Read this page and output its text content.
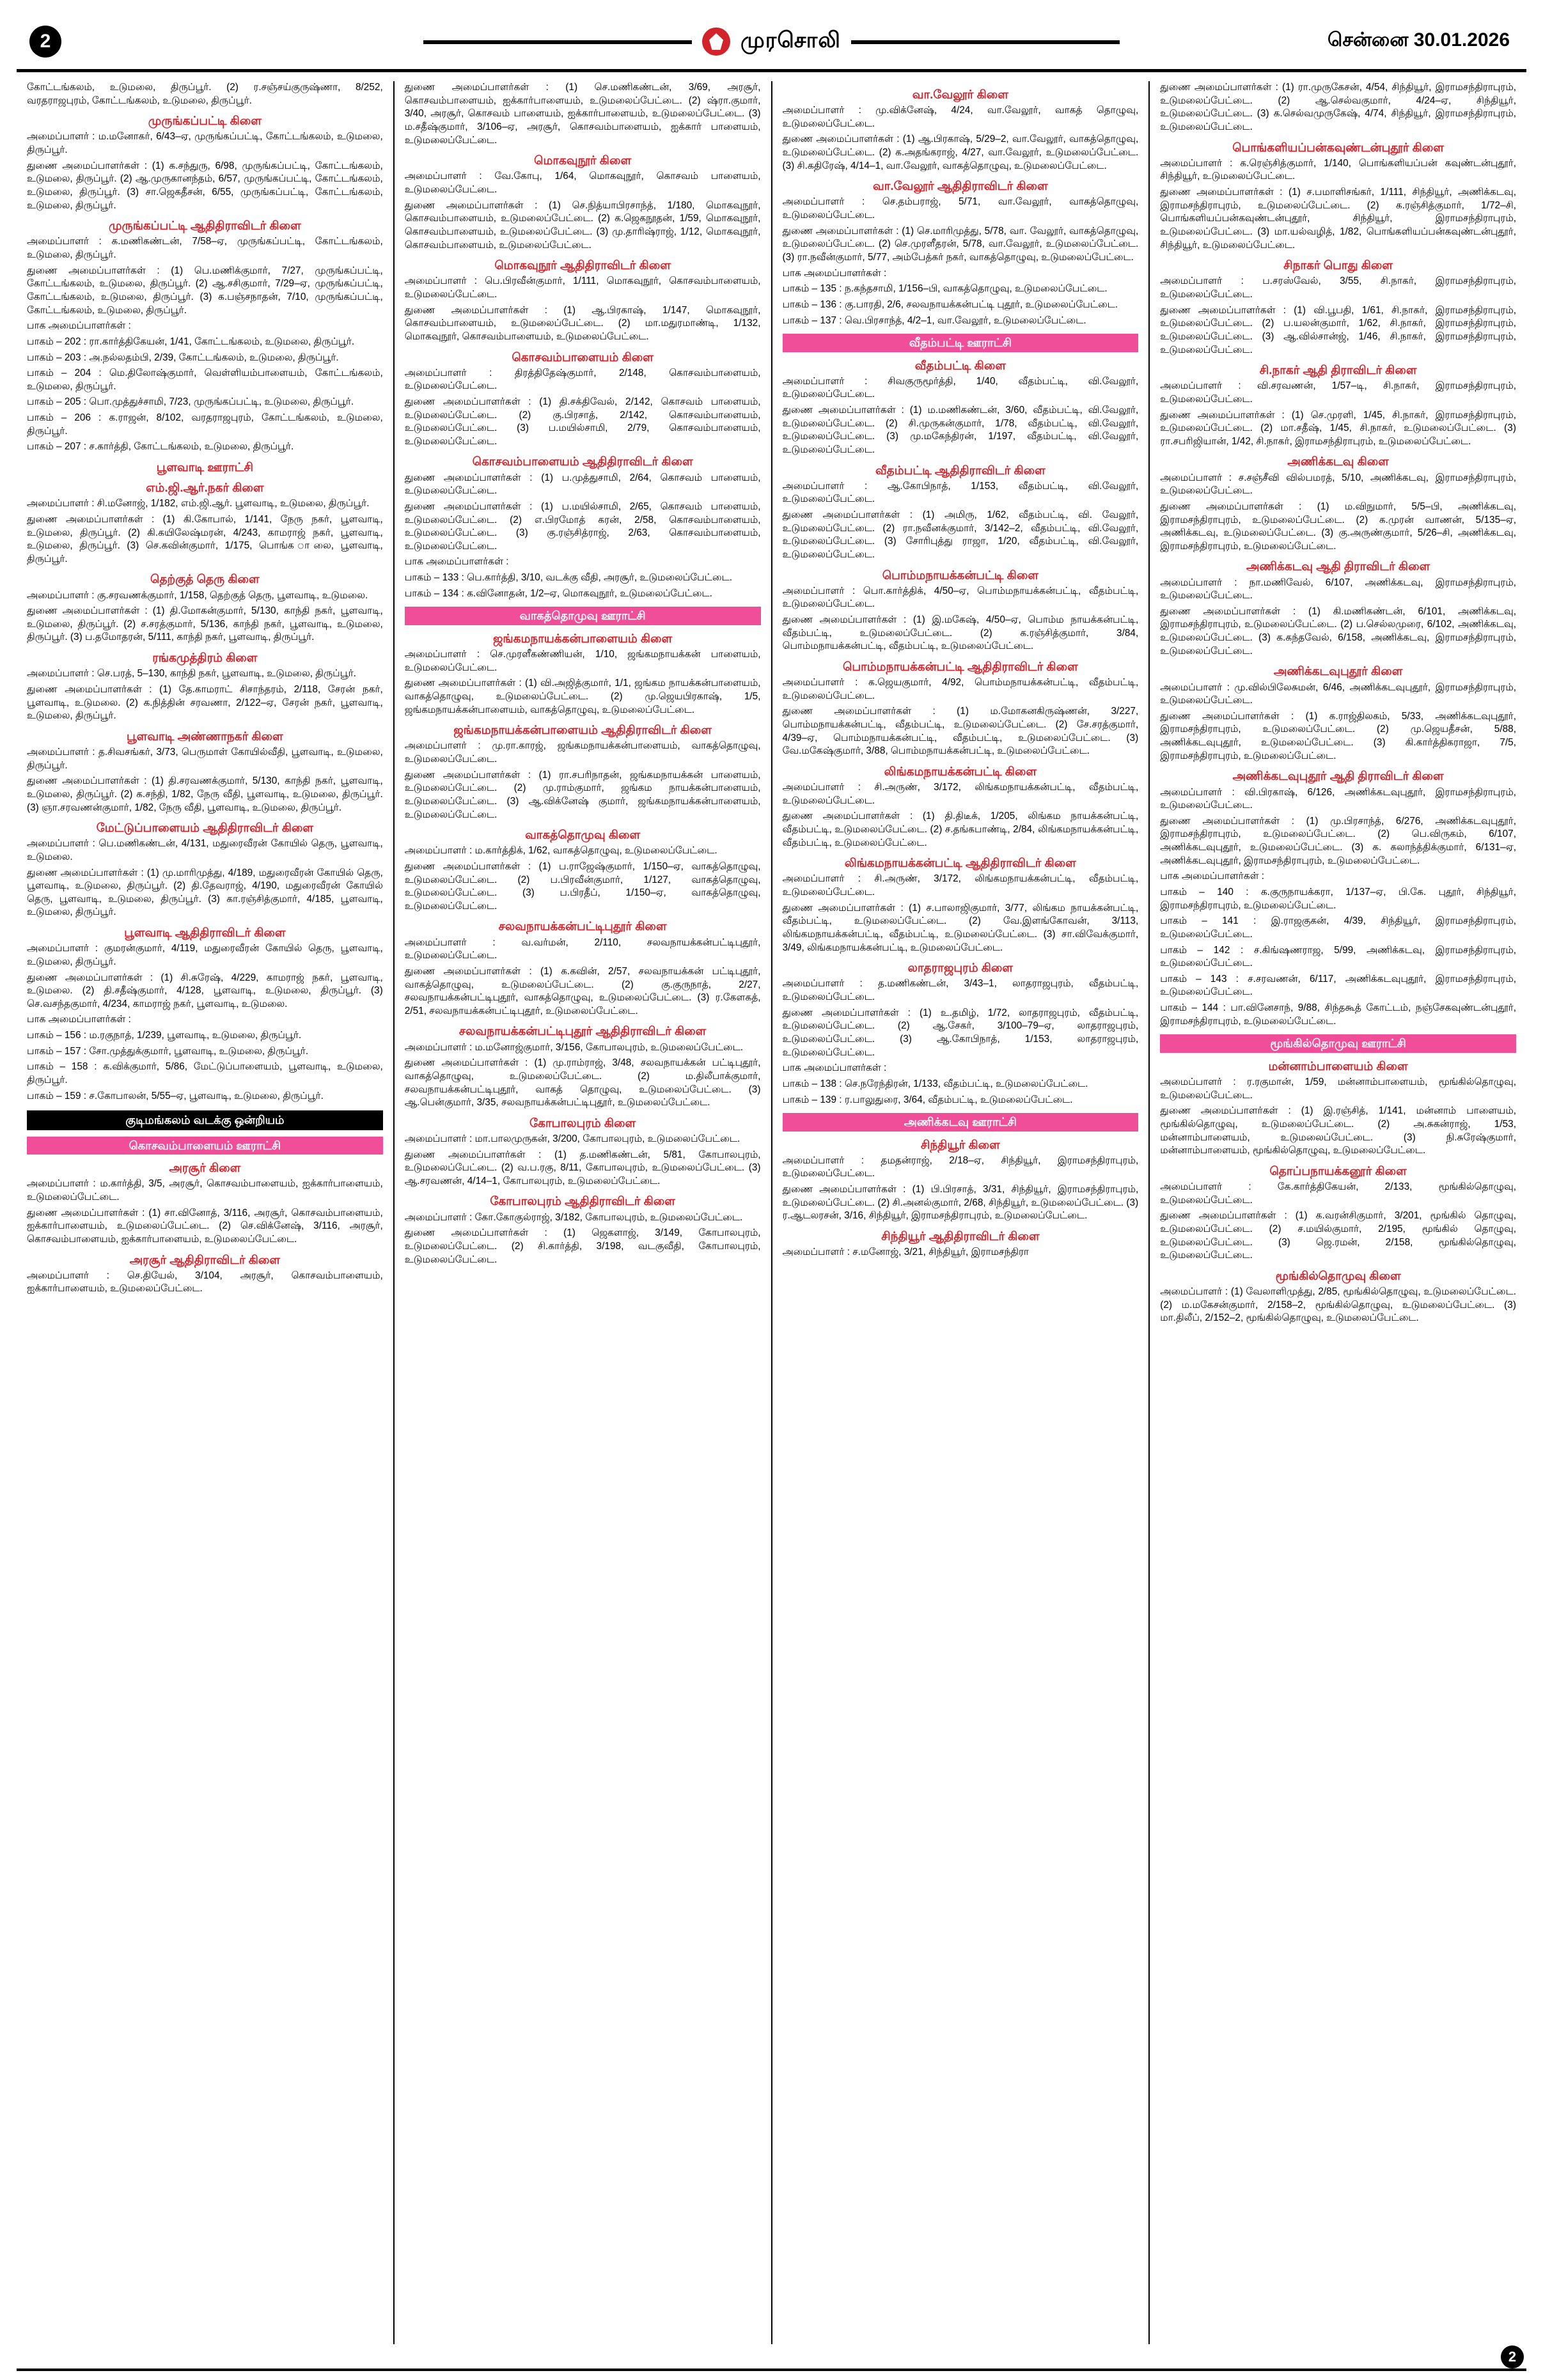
2	முரசொலி	சென்னை 30.01.2026

கோட்டங்கலம், உடுமலை, திருப்பூர். (2) ர.சஞ்சய்குருஷ்ணா, 8/252, வரதராஜபுரம், கோட்டங்கலம், உடுமலை, திருப்பூர்.

முருங்கப்பட்டி கிளை

அமைப்பாளர் : ம.மனோகர், 6/43–ஏ, முருங்கப்பட்டி, கோட்டங்கலம், உடுமலை, திருப்பூர்.

துணை அமைப்பாளர்கள் : (1) க.சந்துரு, 6/98, முருங்கப்பட்டி, கோட்டங்கலம், உடுமலை, திருப்பூர். (2) ஆ.முருகானந்தம், 6/57, முருங்கப்பட்டி, கோட்டங்கலம், உடுமலை, திருப்பூர். (3) சா.ஜெகதீசன், 6/55, முருங்கப்பட்டி, கோட்டங்கலம், உடுமலை, திருப்பூர்.

முருங்கப்பட்டி ஆதிதிராவிடர் கிளை

அமைப்பாளர் : க.மணிகண்டன், 7/58–ஏ, முருங்கப்பட்டி, கோட்டங்கலம், உடுமலை, திருப்பூர்.

துணை அமைப்பாளர்கள் : (1) பெ.மணிக்குமார், 7/27, முருங்கப்பட்டி, கோட்டங்கலம், உடுமலை, திருப்பூர். (2) ஆ.சசிகுமார், 7/29–ஏ, முருங்கப்பட்டி, கோட்டங்கலம், உடுமலை, திருப்பூர். (3) க.பஞ்சநாதன், 7/10, முருங்கப்பட்டி, கோட்டங்கலம், உடுமலை, திருப்பூர்.

பாக அமைப்பாளர்கள் :

பாகம் – 202 : ரா.கார்த்திகேயன், 1/41, கோட்டங்கலம், உடுமலை, திருப்பூர்.

பாகம் – 203 : அ.நல்லதம்பி, 2/39, கோட்டங்கலம், உடுமலை, திருப்பூர்.

பாகம் – 204 : மெ.திலோஷ்குமார், வெள்ளியம்பாளையம், கோட்டங்கலம், உடுமலை, திருப்பூர்.

பாகம் – 205 : பொ.முத்துச்சாமி, 7/23, முருங்கப்பட்டி, உடுமலை, திருப்பூர்.

பாகம் – 206 : க.ராஜன், 8/102, வரதராஜபுரம், கோட்டங்கலம், உடுமலை, திருப்பூர்.

பாகம் – 207 : ச.கார்த்தி, கோட்டங்கலம், உடுமலை, திருப்பூர்.

பூளவாடி ஊராட்சி
எம்.ஜி.ஆர்.நகர் கிளை

அமைப்பாளர் : சி.மனோஜ், 1/182, எம்.ஜி.ஆர். பூளவாடி, உடுமலை, திருப்பூர்.

துணை அமைப்பாளர்கள் : (1) கி.கோபால், 1/141, நேரு நகர், பூளவாடி, உடுமலை, திருப்பூர். (2) கி.கயிலேஷ்மரன், 4/243, காமராஜ் நகர், பூளவாடி, உடுமலை, திருப்பூர். (3) செ.கவின்குமார், 1/175, பொங்க ாலை, பூளவாடி, திருப்பூர்.

தெற்குத் தெரு கிளை

அமைப்பாளர் : கு.சரவணக்குமார், 1/158, தெற்குத் தெரு, பூளவாடி, உடுமலை.

துணை அமைப்பாளர்கள் : (1) தி.மோகன்குமார், 5/130, காந்தி நகர், பூளவாடி, உடுமலை, திருப்பூர். (2) ச.சரத்குமார், 5/136, காந்தி நகர், பூளவாடி, உடுமலை, திருப்பூர். (3) ப.தமோதரன், 5/111, காந்தி நகர், பூளவாடி, திருப்பூர்.

ரங்கமுத்திரம் கிளை

அமைப்பாளர் : செ.பரத், 5–130, காந்தி நகர், பூளவாடி, உடுமலை, திருப்பூர்.

துணை அமைப்பாளர்கள் : (1) தே.காமராட் சிசாந்தரம், 2/118, சேரன் நகர், பூளவாடி, உடுமலை. (2) க.நித்தின் சரவணா, 2/122–ஏ, சேரன் நகர், பூளவாடி, உடுமலை, திருப்பூர்.

பூளவாடி அண்ணாநகர் கிளை

அமைப்பாளர் : த.சிவசங்கர், 3/73, பெருமாள் கோயில்வீதி, பூளவாடி, உடுமலை, திருப்பூர்.

துணை அமைப்பாளர்கள் : (1) தி.சரவணக்குமார், 5/130, காந்தி நகர், பூளவாடி, உடுமலை, திருப்பூர். (2) க.சந்தி, 1/82, நேரு வீதி, பூளவாடி, உடுமலை, திருப்பூர். (3) ஞா.சரவணன்குமார், 1/82, நேரு வீதி, பூளவாடி, உடுமலை, திருப்பூர்.

மேட்டுப்பாளையம் ஆதிதிராவிடர் கிளை

அமைப்பாளர் : பெ.மணிகண்டன், 4/131, மதுரைவீரன் கோயில் தெரு, பூளவாடி, உடுமலை.

துணை அமைப்பாளர்கள் : (1) மு.மாரிமுத்து, 4/189, மதுரைவீரன் கோயில் தெரு, பூளவாடி, உடுமலை, திருப்பூர். (2) தி.தேவராஜ், 4/190, மதுரைவீரன் கோயில் தெரு, பூளவாடி, உடுமலை, திருப்பூர். (3) கா.ரஞ்சித்குமார், 4/185, பூளவாடி, உடுமலை, திருப்பூர்.

பூளவாடி ஆதிதிராவிடர் கிளை

அமைப்பாளர் : குமரன்குமார், 4/119, மதுரைவீரன் கோயில் தெரு, பூளவாடி, உடுமலை, திருப்பூர்.

துணை அமைப்பாளர்கள் : (1) சி.சுரேஷ், 4/229, காமராஜ் நகர், பூளவாடி, உடுமலை. (2) தி.சதீஷ்குமார், 4/128, பூளவாடி, உடுமலை, திருப்பூர். (3) செ.வசந்தகுமார், 4/234, காமராஜ் நகர், பூளவாடி, உடுமலை.

பாக அமைப்பாளர்கள் :

பாகம் – 156 : ம.ரகுநாத், 1/239, பூளவாடி, உடுமலை, திருப்பூர்.

பாகம் – 157 : சோ.முத்துக்குமார், பூளவாடி, உடுமலை, திருப்பூர்.

பாகம் – 158 : க.விக்குமார், 5/86, மேட்டுப்பாளையம், பூளவாடி, உடுமலை, திருப்பூர்.

பாகம் – 159 : ச.கோபாலன், 5/55–ஏ, பூளவாடி, உடுமலை, திருப்பூர்.

குடிமங்கலம் வடக்கு ஒன்றியம்
கொசவம்பாளையம் ஊராட்சி
அரசூர் கிளை

அமைப்பாளர் : ம.கார்த்தி, 3/5, அரசூர், கொசவம்பாளையம், ஐக்கார்பாளையம், உடுமலைப்பேட்டை.

துணை அமைப்பாளர்கள் : (1) சா.வினோத், 3/116, அரசூர், கொசவம்பாளையம், ஐக்கார்பாளையம், உடுமலைப்பேட்டை. (2) செ.விக்னேஷ், 3/116, அரசூர், கொசவம்பாளையம், ஐக்கார்பாளையம், உடுமலைப்பேட்டை.

அரசூர் ஆதிதிராவிடர் கிளை

அமைப்பாளர் : செ.தியேல், 3/104, அரசூர், கொசவம்பாளையம், ஐக்கார்பாளையம், உடுமலைப்பேட்டை.

துணை அமைப்பாளர்கள் : (1) செ.மணிகண்டன், 3/69, அரசூர், கொசவம்பாளையம், ஐக்கார்பாளையம், உடுமலைப்பேட்டை. (2) ஷ்ரா.குமார், 3/40, அரசூர், கொசவம் பாளையம், ஐக்கார்பாளையம், உடுமலைப்பேட்டை. (3) ம.சதீஷ்குமார், 3/106–ஏ, அரசூர், கொசவம்பாளையம், ஐக்கார் பாளையம், உடுமலைப்பேட்டை.

மொகவுநூர் கிளை

அமைப்பாளர் : வே.கோபு, 1/64, மொகவுநூர், கொசவம் பாளையம், உடுமலைப்பேட்டை.

துணை அமைப்பாளர்கள் : (1) செ.நித்யாபிரசாந்த், 1/180, மொகவுநூர், கொசவம்பாளையம், உடுமலைப்பேட்டை. (2) க.ஜெகநூதன், 1/59, மொகவுநூர், கொசவம்பாளையம், உடுமலைப்பேட்டை. (3) மு.தாரிஷ்ராஜ், 1/12, மொகவுநூர், கொசவம்பாளையம், உடுமலைப்பேட்டை.

மொகவுநூர் ஆதிதிராவிடர் கிளை

அமைப்பாளர் : பெ.பிரவீன்குமார், 1/111, மொகவுநூர், கொசவம்பாளையம், உடுமலைப்பேட்டை.

துணை அமைப்பாளர்கள் : (1) ஆ.பிரகாஷ், 1/147, மொகவுநூர், கொசவம்பாளையம், உடுமலைப்பேட்டை. (2) மா.மதுரமாண்டி, 1/132, மொகவுநூர், கொசவம்பாளையம், உடுமலைப்பேட்டை.

கொசவம்பாளையம் கிளை

அமைப்பாளர் : திரத்திதேஷ்குமார், 2/148, கொசவம்பாளையம், உடுமலைப்பேட்டை.

துணை அமைப்பாளர்கள் : (1) தி.சக்திவேல், 2/142, கொசவம் பாளையம், உடுமலைப்பேட்டை. (2) கு.பிரசாத், 2/142, கொசவம்பாளையம், உடுமலைப்பேட்டை. (3) ப.மயில்சாமி, 2/79, கொசவம்பாளையம், உடுமலைப்பேட்டை.

கொசவம்பாளையம் ஆதிதிராவிடர் கிளை

துணை அமைப்பாளர்கள் : (1) ப.முத்துசாமி, 2/64, கொசவம் பாளையம், உடுமலைப்பேட்டை.

துணை அமைப்பாளர்கள் : (1) ப.மயில்சாமி, 2/65, கொசவம் பாளையம், உடுமலைப்பேட்டை. (2) எ.பிரமோத் கரன், 2/58, கொசவம்பாளையம், உடுமலைப்பேட்டை. (3) கு.ரஞ்சித்ராஜ், 2/63, கொசவம்பாளையம், உடுமலைப்பேட்டை.

பாக அமைப்பாளர்கள் :

பாகம் – 133 : பெ.கார்த்தி, 3/10, வடக்கு வீதி, அரசூர், உடுமலைப்பேட்டை.

பாகம் – 134 : க.வினோதன், 1/2–ஏ, மொகவுநூர், உடுமலைப்பேட்டை.

வாகத்தொமுவு ஊராட்சி
ஜங்கமநாயக்கன்பாளையம் கிளை

அமைப்பாளர் : செ.முரளீகண்ணியன், 1/10, ஜங்கமநாயக்கன் பாளையம், உடுமலைப்பேட்டை.

துணை அமைப்பாளர்கள் : (1) வி.அஜித்குமார், 1/1, ஜங்கம நாயக்கன்பாளையம், வாகத்தொழுவு, உடுமலைப்பேட்டை. (2) மு.ஜெயபிரகாஷ், 1/5, ஜங்கமநாயக்கன்பாளையம், வாகத்தொழுவு, உடுமலைப்பேட்டை.

ஜங்கமநாயக்கன்பாளையம் ஆதிதிராவிடர் கிளை

அமைப்பாளர் : மு.ரா.காரஜ், ஜங்கமநாயக்கன்பாளையம், வாகத்தொழுவு, உடுமலைப்பேட்டை.

துணை அமைப்பாளர்கள் : (1) ரா.சபரிநாதன், ஜங்கமநாயக்கன் பாளையம், உடுமலைப்பேட்டை. (2) மு.ராம்குமார், ஜங்கம நாயக்கன்பாளையம், உடுமலைப்பேட்டை. (3) ஆ.விக்னேஷ் குமார், ஜங்கமநாயக்கன்பாளையம், உடுமலைப்பேட்டை.

வாகத்தொமுவு கிளை

அமைப்பாளர் : ம.கார்த்திக், 1/62, வாகத்தொழுவு, உடுமலைப்பேட்டை.

துணை அமைப்பாளர்கள் : (1) ப.ராஜேஷ்குமார், 1/150–ஏ, வாகத்தொழுவு, உடுமலைப்பேட்டை. (2) ப.பிரவீன்குமார், 1/127, வாகத்தொழுவு, உடுமலைப்பேட்டை. (3) ப.பிரதீப், 1/150–ஏ, வாகத்தொழுவு, உடுமலைப்பேட்டை.

சலவநாயக்கன்பட்டிபுதூர் கிளை

அமைப்பாளர் : வ.வர்மன், 2/110, சலவநாயக்கன்பட்டிபுதூர், உடுமலைப்பேட்டை.

துணை அமைப்பாளர்கள் : (1) க.கவின், 2/57, சலவநாயக்கன் பட்டிபுதூர், வாகத்தொழுவு, உடுமலைப்பேட்டை. (2) கு.குருநாத், 2/27, சலவநாயக்கன்பட்டிபுதூர், வாகத்தொழுவு, உடுமலைப்பேட்டை. (3) ர.கேளகத், 2/51, சலவநாயக்கன்பட்டிபுதூர், உடுமலைப்பேட்டை.

சலவநாயக்கன்பட்டிபுதூர் ஆதிதிராவிடர் கிளை

அமைப்பாளர் : ம.மனோஜ்குமார், 3/156, கோபாலபுரம், உடுமலைப்பேட்டை.

துணை அமைப்பாளர்கள் : (1) மு.ராம்ராஜ், 3/48, சலவநாயக்கன் பட்டிபுதூர், வாகத்தொழுவு, உடுமலைப்பேட்டை. (2) ம.திலீபாக்குமார், சலவநாயக்கன்பட்டிபுதூர், வாகத் தொழுவு, உடுமலைப்பேட்டை. (3) ஆ.பென்குமார், 3/35, சலவநாயக்கன்பட்டிபுதூர், உடுமலைப்பேட்டை.

கோபாலபுரம் கிளை

அமைப்பாளர் : மா.பாலமுருகன், 3/200, கோபாலபுரம், உடுமலைப்பேட்டை.

துணை அமைப்பாளர்கள் : (1) த.மணிகண்டன், 5/81, கோபாலபுரம், உடுமலைப்பேட்டை. (2) வ.ப.ரகு, 8/11, கோபாலபுரம், உடுமலைப்பேட்டை. (3) ஆ.சரவணன், 4/14–1, கோபாலபுரம், உடுமலைப்பேட்டை.

கோபாலபுரம் ஆதிதிராவிடர் கிளை

அமைப்பாளர் : கோ.கோகுல்ராஜ், 3/182, கோபாலபுரம், உடுமலைப்பேட்டை.

துணை அமைப்பாளர்கள் : (1) ஜெகளாஜ், 3/149, கோபாலபுரம், உடுமலைப்பேட்டை. (2) சி.கார்த்தி, 3/198, வடகுவீதி, கோபாலபுரம், உடுமலைப்பேட்டை.

வா.வேலூர் கிளை

அமைப்பாளர் : மு.விக்னேஷ், 4/24, வா.வேலூர், வாகத் தொழுவு, உடுமலைப்பேட்டை.

துணை அமைப்பாளர்கள் : (1) ஆ.பிரகாஷ், 5/29–2, வா.வேலூர், வாகத்தொழுவு, உடுமலைப்பேட்டை. (2) க.அதங்கராஜ், 4/27, வா.வேலூர், உடுமலைப்பேட்டை. (3) சி.கதிரேஷ், 4/14–1, வா.வேலூர், வாகத்தொழுவு, உடுமலைப்பேட்டை.

வா.வேலூர் ஆதிதிராவிடர் கிளை

அமைப்பாளர் : செ.தம்பராஜ், 5/71, வா.வேலூர், வாகத்தொழுவு, உடுமலைப்பேட்டை.

துணை அமைப்பாளர்கள் : (1) செ.மாரிமுத்து, 5/78, வா. வேலூர், வாகத்தொழுவு, உடுமலைப்பேட்டை. (2) செ.முரளீதரன், 5/78, வா.வேலூர், உடுமலைப்பேட்டை. (3) ரா.நவீன்குமார், 5/77, அம்பேத்கர் நகர், வாகத்தொழுவு, உடுமலைப்பேட்டை.

பாக அமைப்பாளர்கள் :

பாகம் – 135 : ந.கந்தசாமி, 1/156–பி, வாகத்தொழுவு, உடுமலைப்பேட்டை.

பாகம் – 136 : கு.பாரதி, 2/6, சலவநாயக்கன்பட்டி புதூர், உடுமலைப்பேட்டை.

பாகம் – 137 : வெ.பிரசாந்த், 4/2–1, வா.வேலூர், உடுமலைப்பேட்டை.

வீதம்பட்டி ஊராட்சி
வீதம்பட்டி கிளை

அமைப்பாளர் : சிவகுருமூர்த்தி, 1/40, வீதம்பட்டி, வி.வேலூர், உடுமலைப்பேட்டை.

துணை அமைப்பாளர்கள் : (1) ம.மணிகண்டன், 3/60, வீதம்பட்டி, வி.வேலூர், உடுமலைப்பேட்டை. (2) சி.முருகன்குமார், 1/78, வீதம்பட்டி, வி.வேலூர், உடுமலைப்பேட்டை. (3) மு.மகேந்திரன், 1/197, வீதம்பட்டி, வி.வேலூர், உடுமலைப்பேட்டை.

வீதம்பட்டி ஆதிதிராவிடர் கிளை

அமைப்பாளர் : ஆ.கோபிநாத், 1/153, வீதம்பட்டி, வி.வேலூர், உடுமலைப்பேட்டை.

துணை அமைப்பாளர்கள் : (1) அமிரு, 1/62, வீதம்பட்டி, வி. வேலூர், உடுமலைப்பேட்டை. (2) ரா.நவீனக்குமார், 3/142–2, வீதம்பட்டி, வி.வேலூர், உடுமலைப்பேட்டை. (3) சோரிபுத்து ராஜா, 1/20, வீதம்பட்டி, வி.வேலூர், உடுமலைப்பேட்டை.

பொம்மநாயக்கன்பட்டி கிளை

அமைப்பாளர் : பொ.கார்த்திக், 4/50–ஏ, பொம்மநாயக்கன்பட்டி, வீதம்பட்டி, உடுமலைப்பேட்டை.

துணை அமைப்பாளர்கள் : (1) இ.மகேஷ், 4/50–ஏ, பொம்ம நாயக்கன்பட்டி, வீதம்பட்டி, உடுமலைப்பேட்டை. (2) க.ரஞ்சித்குமார், 3/84, பொம்மநாயக்கன்பட்டி, வீதம்பட்டி, உடுமலைப்பேட்டை.

பொம்மநாயக்கன்பட்டி ஆதிதிராவிடர் கிளை

அமைப்பாளர் : க.ஜெயகுமார், 4/92, பொம்மநாயக்கன்பட்டி, வீதம்பட்டி, உடுமலைப்பேட்டை.

துணை அமைப்பாளர்கள் : (1) ம.மோகனகிருஷ்ணன், 3/227, பொம்மநாயக்கன்பட்டி, வீதம்பட்டி, உடுமலைப்பேட்டை. (2) சே.சரத்குமார், 4/39–ஏ, பொம்மநாயக்கன்பட்டி, வீதம்பட்டி, உடுமலைப்பேட்டை. (3) வே.மகேஷ்குமார், 3/88, பொம்மநாயக்கன்பட்டி, உடுமலைப்பேட்டை.

லிங்கமநாயக்கன்பட்டி கிளை

அமைப்பாளர் : சி.அருண், 3/172, லிங்கமநாயக்கன்பட்டி, வீதம்பட்டி, உடுமலைப்பேட்டை.

துணை அமைப்பாளர்கள் : (1) தி.திடீக், 1/205, லிங்கம நாயக்கன்பட்டி, வீதம்பட்டி, உடுமலைப்பேட்டை. (2) ச.தங்கபாண்டி, 2/84, லிங்கமநாயக்கன்பட்டி, வீதம்பட்டி, உடுமலைப்பேட்டை.

லிங்கமநாயக்கன்பட்டி ஆதிதிராவிடர் கிளை

அமைப்பாளர் : சி.அருண், 3/172, லிங்கமநாயக்கன்பட்டி, வீதம்பட்டி, உடுமலைப்பேட்டை.

துணை அமைப்பாளர்கள் : (1) ச.பாலாஜிகுமார், 3/77, லிங்கம நாயக்கன்பட்டி, வீதம்பட்டி, உடுமலைப்பேட்டை. (2) வே.இளங்கோவன், 3/113, லிங்கமநாயக்கன்பட்டி, வீதம்பட்டி, உடுமலைப்பேட்டை. (3) சா.விவேக்குமார், 3/49, லிங்கமநாயக்கன்பட்டி, உடுமலைப்பேட்டை.

லாதராஜபுரம் கிளை

அமைப்பாளர் : த.மணிகண்டன், 3/43–1, லாதராஜபுரம், வீதம்பட்டி, உடுமலைப்பேட்டை.

துணை அமைப்பாளர்கள் : (1) உ.தமிழ், 1/72, லாதராஜபுரம், வீதம்பட்டி, உடுமலைப்பேட்டை. (2) ஆ.சேகர், 3/100–79–ஏ, லாதராஜபுரம், உடுமலைப்பேட்டை. (3) ஆ.கோபிநாத், 1/153, லாதராஜபுரம், உடுமலைப்பேட்டை.

பாக அமைப்பாளர்கள் :

பாகம் – 138 : செ.நரேந்திரன், 1/133, வீதம்பட்டி, உடுமலைப்பேட்டை.

பாகம் – 139 : ர.பாலுதுரை, 3/64, வீதம்பட்டி, உடுமலைப்பேட்டை.

அணிக்கடவு ஊராட்சி
சிந்தியூர் கிளை

அமைப்பாளர் : தமதன்ராஜ், 2/18–ஏ, சிந்தியூர், இராமசந்திராபுரம், உடுமலைப்பேட்டை.

துணை அமைப்பாளர்கள் : (1) பி.பிரசாத், 3/31, சிந்தியூர், இராமசந்திராபுரம், உடுமலைப்பேட்டை. (2) சி.அனல்குமார், 2/68, சிந்தியூர், உடுமலைப்பேட்டை. (3) ர.ஆடலரசன், 3/16, சிந்தியூர், இராமசந்திராபுரம், உடுமலைப்பேட்டை.

சிந்தியூர் ஆதிதிராவிடர் கிளை

அமைப்பாளர் : ச.மனோஜ், 3/21, சிந்தியூர், இராமசந்திரா

துணை அமைப்பாளர்கள் : (1) ரா.முருகேசன், 4/54, சிந்தியூர், இராமசந்திராபுரம், உடுமலைப்பேட்டை. (2) ஆ.செல்வகுமார், 4/24–ஏ, சிந்தியூர், உடுமலைப்பேட்டை. (3) க.செல்வமுருகேஷ், 4/74, சிந்தியூர், இராமசந்திராபுரம், உடுமலைப்பேட்டை.

பொங்களியப்பன்கவுண்டன்புதூர் கிளை

அமைப்பாளர் : க.ரெஞ்சித்குமார், 1/140, பொங்களியப்பன் கவுண்டன்புதூர், சிந்தியூர், உடுமலைப்பேட்டை.

துணை அமைப்பாளர்கள் : (1) ச.பமாளிசங்கர், 1/111, சிந்தியூர், அணிக்கடவு, இராமசந்திராபுரம், உடுமலைப்பேட்டை. (2) க.ரஞ்சித்குமார், 1/72–சி, பொங்களியப்பன்கவுண்டன்புதூர், சிந்தியூர், இராமசந்திராபுரம், உடுமலைப்பேட்டை. (3) மா.யல்வழித், 1/82, பொங்களியப்பன்கவுண்டன்புதூர், சிந்தியூர், உடுமலைப்பேட்டை.

சிநாகர் பொது கிளை

அமைப்பாளர் : ப.சரஸ்வேல், 3/55, சி.நாகர், இராமசந்திராபுரம், உடுமலைப்பேட்டை.

துணை அமைப்பாளர்கள் : (1) வி.பூபதி, 1/61, சி.நாகர், இராமசந்திராபுரம், உடுமலைப்பேட்டை. (2) ப.யலன்குமார், 1/62, சி.நாகர், இராமசந்திராபுரம், உடுமலைப்பேட்டை. (3) ஆ.வில்சான்ஜ், 1/46, சி.நாகர், இராமசந்திராபுரம், உடுமலைப்பேட்டை.

சி.நாகர் ஆதி திராவிடர் கிளை

அமைப்பாளர் : வி.சரவணன், 1/57–டி, சி.நாகர், இராமசந்திராபுரம், உடுமலைப்பேட்டை.

துணை அமைப்பாளர்கள் : (1) செ.முரளி, 1/45, சி.நாகர், இராமசந்திராபுரம், உடுமலைப்பேட்டை. (2) மா.சதீஷ், 1/45, சி.நாகர், உடுமலைப்பேட்டை. (3) ரா.சபரிஜியான், 1/42, சி.நாகர், இராமசந்திராபுரம், உடுமலைப்பேட்டை.

அணிக்கடவு கிளை

அமைப்பாளர் : ச.சஞ்சீவி வில்பமரத், 5/10, அணிக்கடவு, இராமசந்திராபுரம், உடுமலைப்பேட்டை.

துணை அமைப்பாளர்கள் : (1) ம.விநுமார், 5/5–பி, அணிக்கடவு, இராமசந்திராபுரம், உடுமலைப்பேட்டை. (2) க.முரன் வாணன், 5/135–ஏ, அணிக்கடவு, உடுமலைப்பேட்டை. (3) கு.அருண்குமார், 5/26–சி, அணிக்கடவு, இராமசந்திராபுரம், உடுமலைப்பேட்டை.

அணிக்கடவு ஆதி திராவிடர் கிளை

அமைப்பாளர் : நா.மணிவேல், 6/107, அணிக்கடவு, இராமசந்திராபுரம், உடுமலைப்பேட்டை.

துணை அமைப்பாளர்கள் : (1) கி.மணிகண்டன், 6/101, அணிக்கடவு, இராமசந்திராபுரம், உடுமலைப்பேட்டை. (2) ப.செல்லமுரை, 6/102, அணிக்கடவு, உடுமலைப்பேட்டை. (3) க.கந்தவேல், 6/158, அணிக்கடவு, இராமசந்திராபுரம், உடுமலைப்பேட்டை.

அணிக்கடவுபுதூர் கிளை

அமைப்பாளர் : மு.வில்பிலேசுமன், 6/46, அணிக்கடவுபுதூர், இராமசந்திராபுரம், உடுமலைப்பேட்டை.

துணை அமைப்பாளர்கள் : (1) க.ராஜ்திலகம், 5/33, அணிக்கடவுபுதூர், இராமசந்திராபுரம், உடுமலைப்பேட்டை. (2) மு.ஜெயதீசன், 5/88, அணிக்கடவுபுதூர், உடுமலைப்பேட்டை. (3) கி.கார்த்திகராஜா, 7/5, இராமசந்திராபுரம், உடுமலைப்பேட்டை.

அணிக்கடவுபுதூர் ஆதி திராவிடர் கிளை

அமைப்பாளர் : வி.பிரகாஷ், 6/126, அணிக்கடவுபுதூர், இராமசந்திராபுரம், உடுமலைப்பேட்டை.

துணை அமைப்பாளர்கள் : (1) மு.பிரசாந்த், 6/276, அணிக்கடவுபுதூர், இராமசந்திராபுரம், உடுமலைப்பேட்டை. (2) பெ.விருகம், 6/107, அணிக்கடவுபுதூர், உடுமலைப்பேட்டை. (3) க. கலாந்த்திக்குமார், 6/131–ஏ, அணிக்கடவுபுதூர், இராமசந்திராபுரம், உடுமலைப்பேட்டை.

பாக அமைப்பாளர்கள் :

பாகம் – 140 : க.குருநாயக்கரா, 1/137–ஏ, பி.கே. புதூர், சிந்தியூர், இராமசந்திராபுரம், உடுமலைப்பேட்டை.

பாகம் – 141 : இ.ராஜகுகன், 4/39, சிந்தியூர், இராமசந்திராபுரம், உடுமலைப்பேட்டை.

பாகம் – 142 : ச.கிங்ஷணராஜ, 5/99, அணிக்கடவு, இராமசந்திராபுரம், உடுமலைப்பேட்டை.

பாகம் – 143 : ச.சரவணன், 6/117, அணிக்கடவுபுதூர், இராமசந்திராபுரம், உடுமலைப்பேட்டை.

பாகம் – 144 : பா.வினேசாந், 9/88, சிந்தகூத் கோட்டம், நஞ்சேகவுண்டன்புதூர், இராமசந்திராபுரம், உடுமலைப்பேட்டை.

மூங்கில்தொமுவு ஊராட்சி
மன்னாம்பாளையம் கிளை

அமைப்பாளர் : ர.ரகுமான், 1/59, மன்னாம்பாளையம், மூங்கில்தொழுவு, உடுமலைப்பேட்டை.

துணை அமைப்பாளர்கள் : (1) இ.ரஞ்சித், 1/141, மன்னாம் பாளையம், மூங்கில்தொழுவு, உடுமலைப்பேட்டை. (2) அ.சுகன்ராஜ், 1/53, மன்னாம்பாளையம், உடுமலைப்பேட்டை. (3) நி.சுரேஷ்குமார், மன்னாம்பாளையம், மூங்கில்தொழுவு, உடுமலைப்பேட்டை.

தொப்பநாயக்கனூர் கிளை

அமைப்பாளர் : கே.கார்த்திகேயன், 2/133, மூங்கில்தொழுவு, உடுமலைப்பேட்டை.

துணை அமைப்பாளர்கள் : (1) க.வரன்சிகுமார், 3/201, மூங்கில் தொழுவு, உடுமலைப்பேட்டை. (2) ச.மயில்குமார், 2/195, மூங்கில் தொழுவு, உடுமலைப்பேட்டை. (3) ஜெ.ரமன், 2/158, மூங்கில்தொழுவு, உடுமலைப்பேட்டை.

மூங்கில்தொமுவு கிளை

அமைப்பாளர் : (1) வேலாளிமுத்து, 2/85, மூங்கில்தொழுவு, உடுமலைப்பேட்டை. (2) ம.மகேசன்குமார், 2/158–2, மூங்கில்தொழுவு, உடுமலைப்பேட்டை. (3) மா.திலீப், 2/152–2, மூங்கில்தொழுவு, உடுமலைப்பேட்டை.

2
